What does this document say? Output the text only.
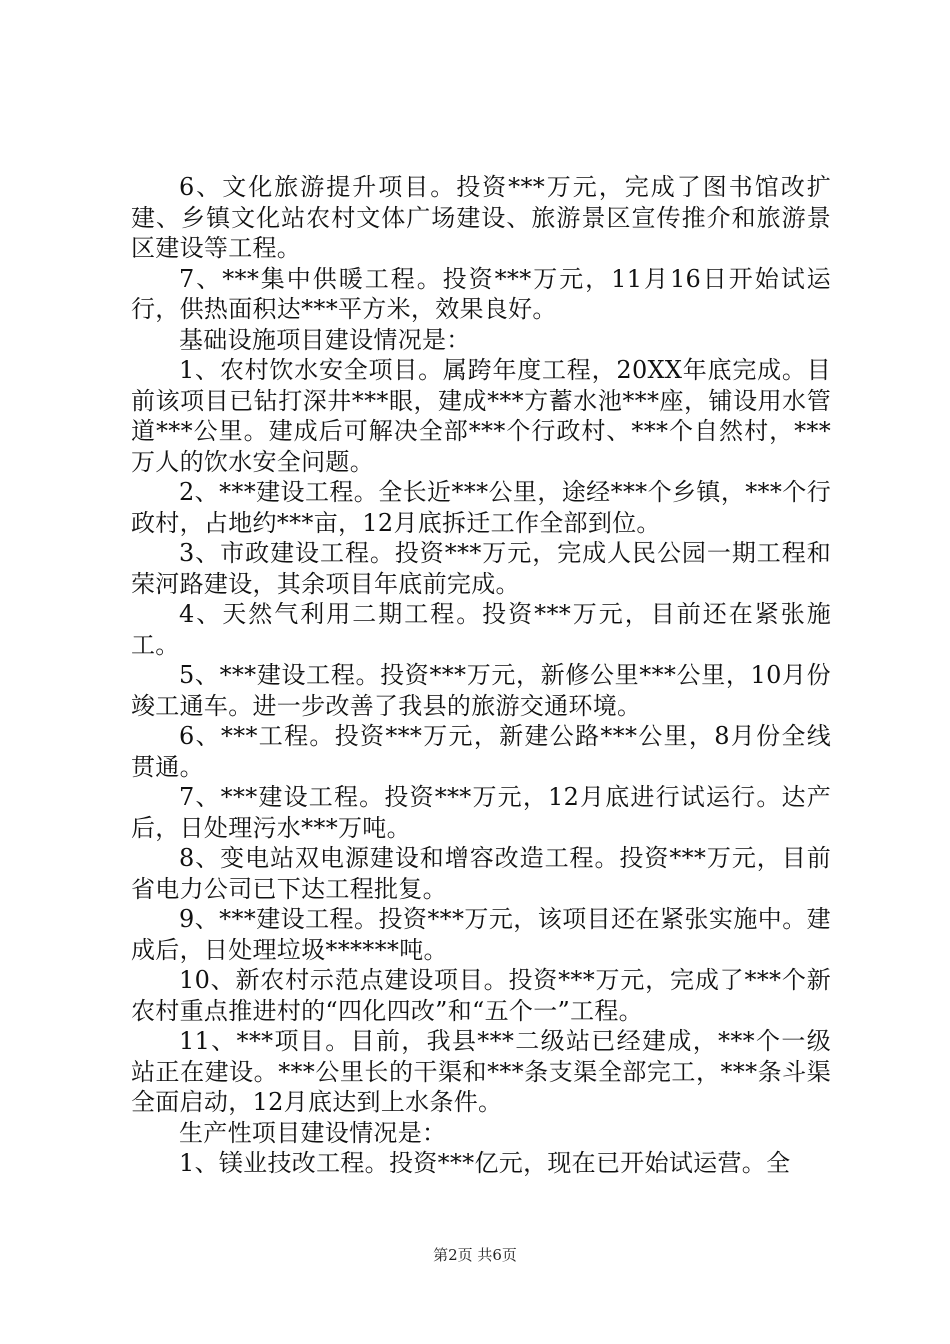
6、文化旅游提升项目。投资***万元，完成了图书馆改扩建、乡镇文化站农村文体广场建设、旅游景区宣传推介和旅游景区建设等工程。

7、***集中供暖工程。投资***万元，11月16日开始试运行，供热面积达***平方米，效果良好。

基础设施项目建设情况是：

1、农村饮水安全项目。属跨年度工程，20XX年底完成。目前该项目已钻打深井***眼，建成***方蓄水池***座，铺设用水管道***公里。建成后可解决全部***个行政村、***个自然村，***万人的饮水安全问题。

2、***建设工程。全长近***公里，途经***个乡镇，***个行政村，占地约***亩，12月底拆迁工作全部到位。

3、市政建设工程。投资***万元，完成人民公园一期工程和荣河路建设，其余项目年底前完成。

4、天然气利用二期工程。投资***万元，目前还在紧张施工。

5、***建设工程。投资***万元，新修公里***公里，10月份竣工通车。进一步改善了我县的旅游交通环境。

6、***工程。投资***万元，新建公路***公里，8月份全线贯通。

7、***建设工程。投资***万元，12月底进行试运行。达产后，日处理污水***万吨。

8、变电站双电源建设和增容改造工程。投资***万元，目前省电力公司已下达工程批复。

9、***建设工程。投资***万元，该项目还在紧张实施中。建成后，日处理垃圾******吨。

10、新农村示范点建设项目。投资***万元，完成了***个新农村重点推进村的“四化四改”和“五个一”工程。

11、***项目。目前，我县***二级站已经建成，***个一级站正在建设。***公里长的干渠和***条支渠全部完工，***条斗渠全面启动，12月底达到上水条件。

生产性项目建设情况是：

1、镁业技改工程。投资***亿元，现在已开始试运营。全

第2页 共6页
